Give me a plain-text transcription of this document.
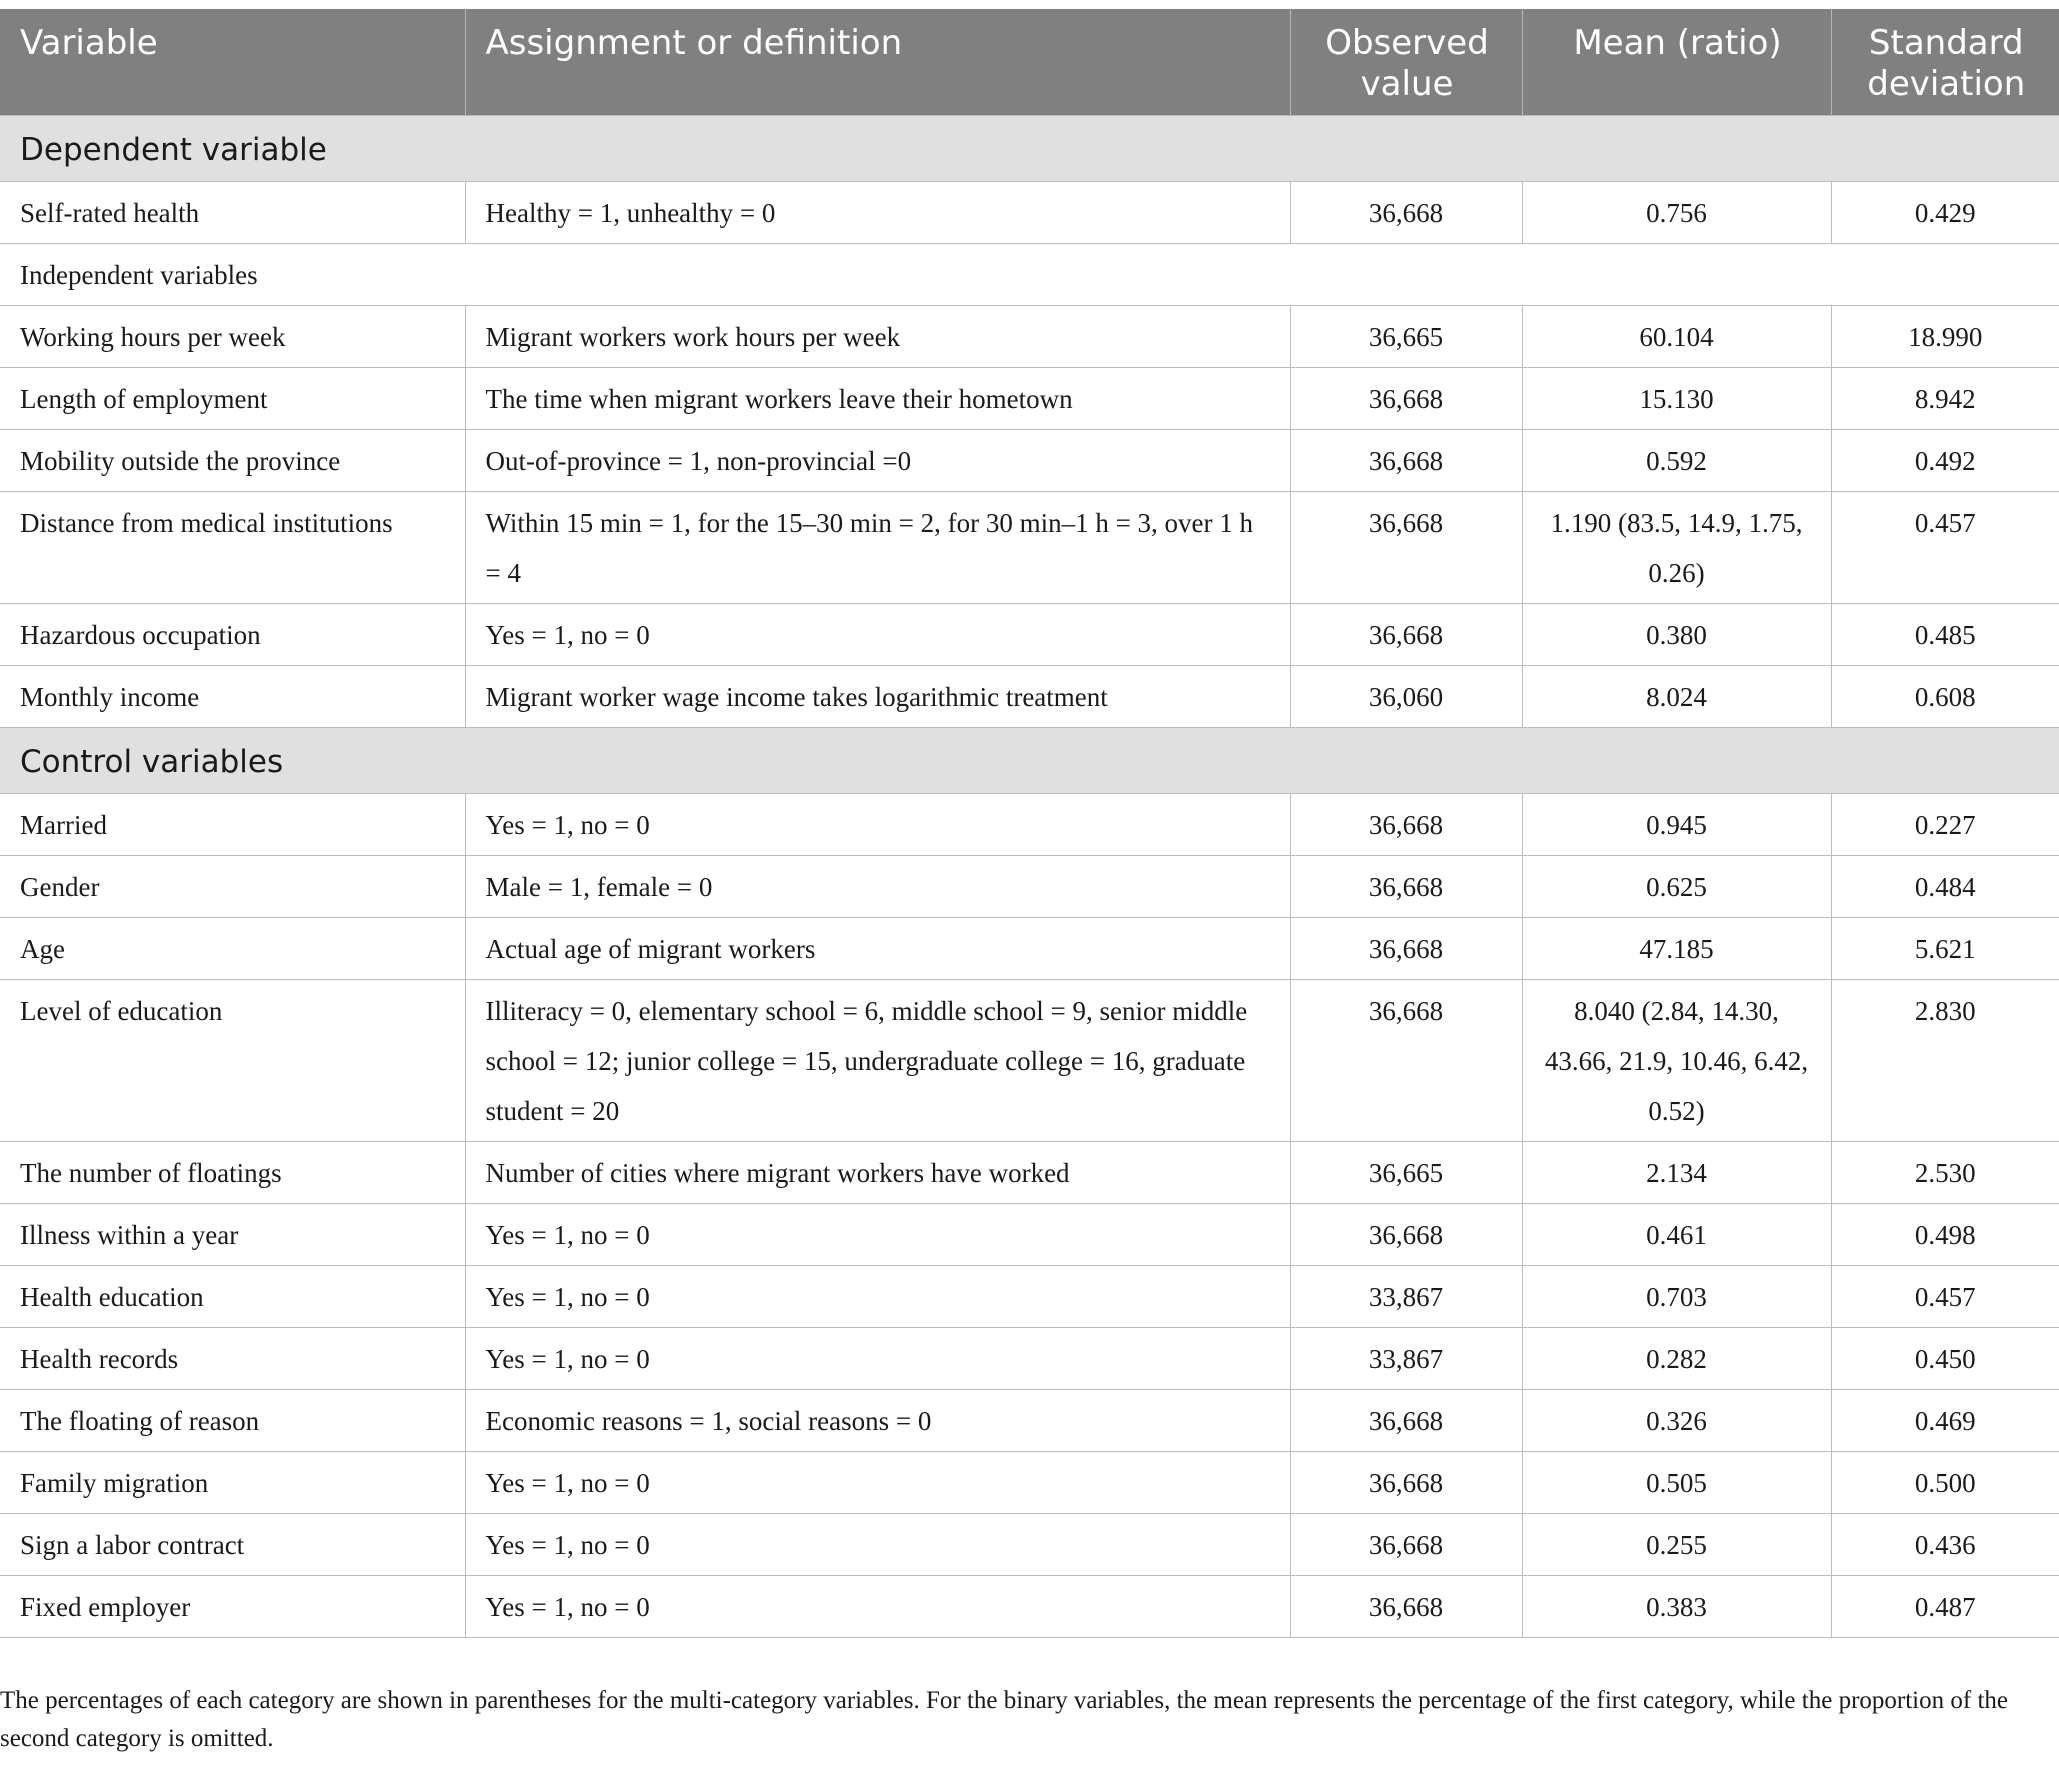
Variable	Assignment or definition	Observed value	Mean (ratio)	Standard deviation
Dependent variable				
Self-rated health	Healthy = 1, unhealthy = 0	36,668	0.756	0.429
Independent variables				
Working hours per week	Migrant workers work hours per week	36,665	60.104	18.990
Length of employment	The time when migrant workers leave their hometown	36,668	15.130	8.942
Mobility outside the province	Out-of-province = 1, non-provincial =0	36,668	0.592	0.492
Distance from medical institutions	Within 15 min = 1, for the 15–30 min = 2, for 30 min–1 h = 3, over 1 h = 4	36,668	1.190 (83.5, 14.9, 1.75, 0.26)	0.457
Hazardous occupation	Yes = 1, no = 0	36,668	0.380	0.485
Monthly income	Migrant worker wage income takes logarithmic treatment	36,060	8.024	0.608
Control variables				
Married	Yes = 1, no = 0	36,668	0.945	0.227
Gender	Male = 1, female = 0	36,668	0.625	0.484
Age	Actual age of migrant workers	36,668	47.185	5.621
Level of education	Illiteracy = 0, elementary school = 6, middle school = 9, senior middle school = 12; junior college = 15, undergraduate college = 16, graduate student = 20	36,668	8.040 (2.84, 14.30, 43.66, 21.9, 10.46, 6.42, 0.52)	2.830
The number of floatings	Number of cities where migrant workers have worked	36,665	2.134	2.530
Illness within a year	Yes = 1, no = 0	36,668	0.461	0.498
Health education	Yes = 1, no = 0	33,867	0.703	0.457
Health records	Yes = 1, no = 0	33,867	0.282	0.450
The floating of reason	Economic reasons = 1, social reasons = 0	36,668	0.326	0.469
Family migration	Yes = 1, no = 0	36,668	0.505	0.500
Sign a labor contract	Yes = 1, no = 0	36,668	0.255	0.436
Fixed employer	Yes = 1, no = 0	36,668	0.383	0.487
The percentages of each category are shown in parentheses for the multi-category variables. For the binary variables, the mean represents the percentage of the first category, while the proportion of the second category is omitted.
